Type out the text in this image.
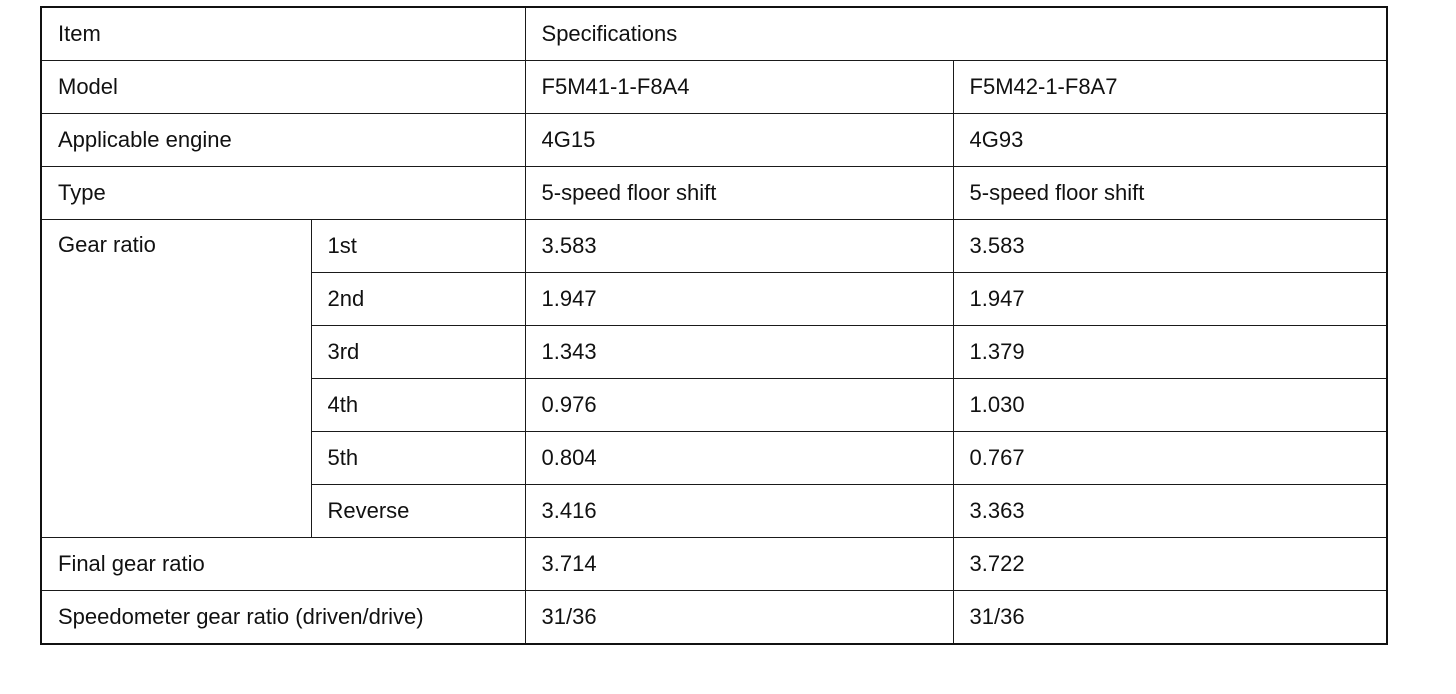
Item		Specifications	
Model		F5M41-1-F8A4	F5M42-1-F8A7
Applicable engine		4G15	4G93
Type		5-speed floor shift	5-speed floor shift
Gear ratio	1st	3.583	3.583
	2nd	1.947	1.947
	3rd	1.343	1.379
	4th	0.976	1.030
	5th	0.804	0.767
	Reverse	3.416	3.363
Final gear ratio		3.714	3.722
Speedometer gear ratio (driven/drive)		31/36	31/36
